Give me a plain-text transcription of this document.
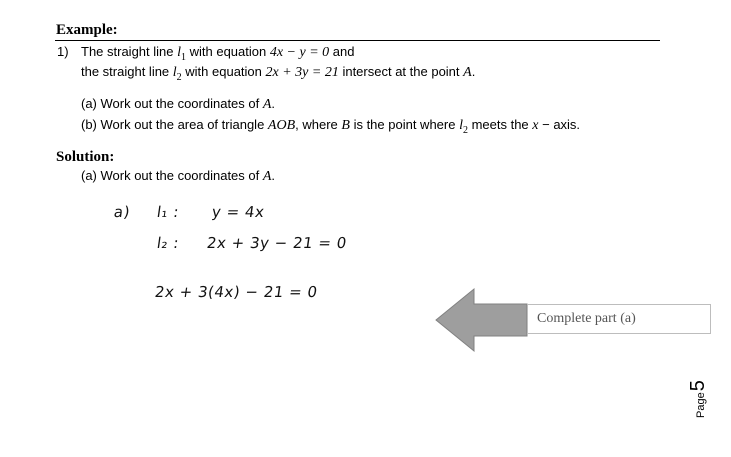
Example:
1) The straight line $l_1$ with equation 4x − y = 0 and
the straight line $l_2$ with equation 2x + 3y = 21 intersect at the point A.
(a) Work out the coordinates of A.
(b) Work out the area of triangle AOB, where B is the point where $l_2$ meets the x − axis.
Solution:
(a) Work out the coordinates of A.
a) l₁ : y = 4x
l₂ : 2x + 3y − 21 = 0
2x + 3(4x) − 21 = 0
Complete part (a)
Page5
